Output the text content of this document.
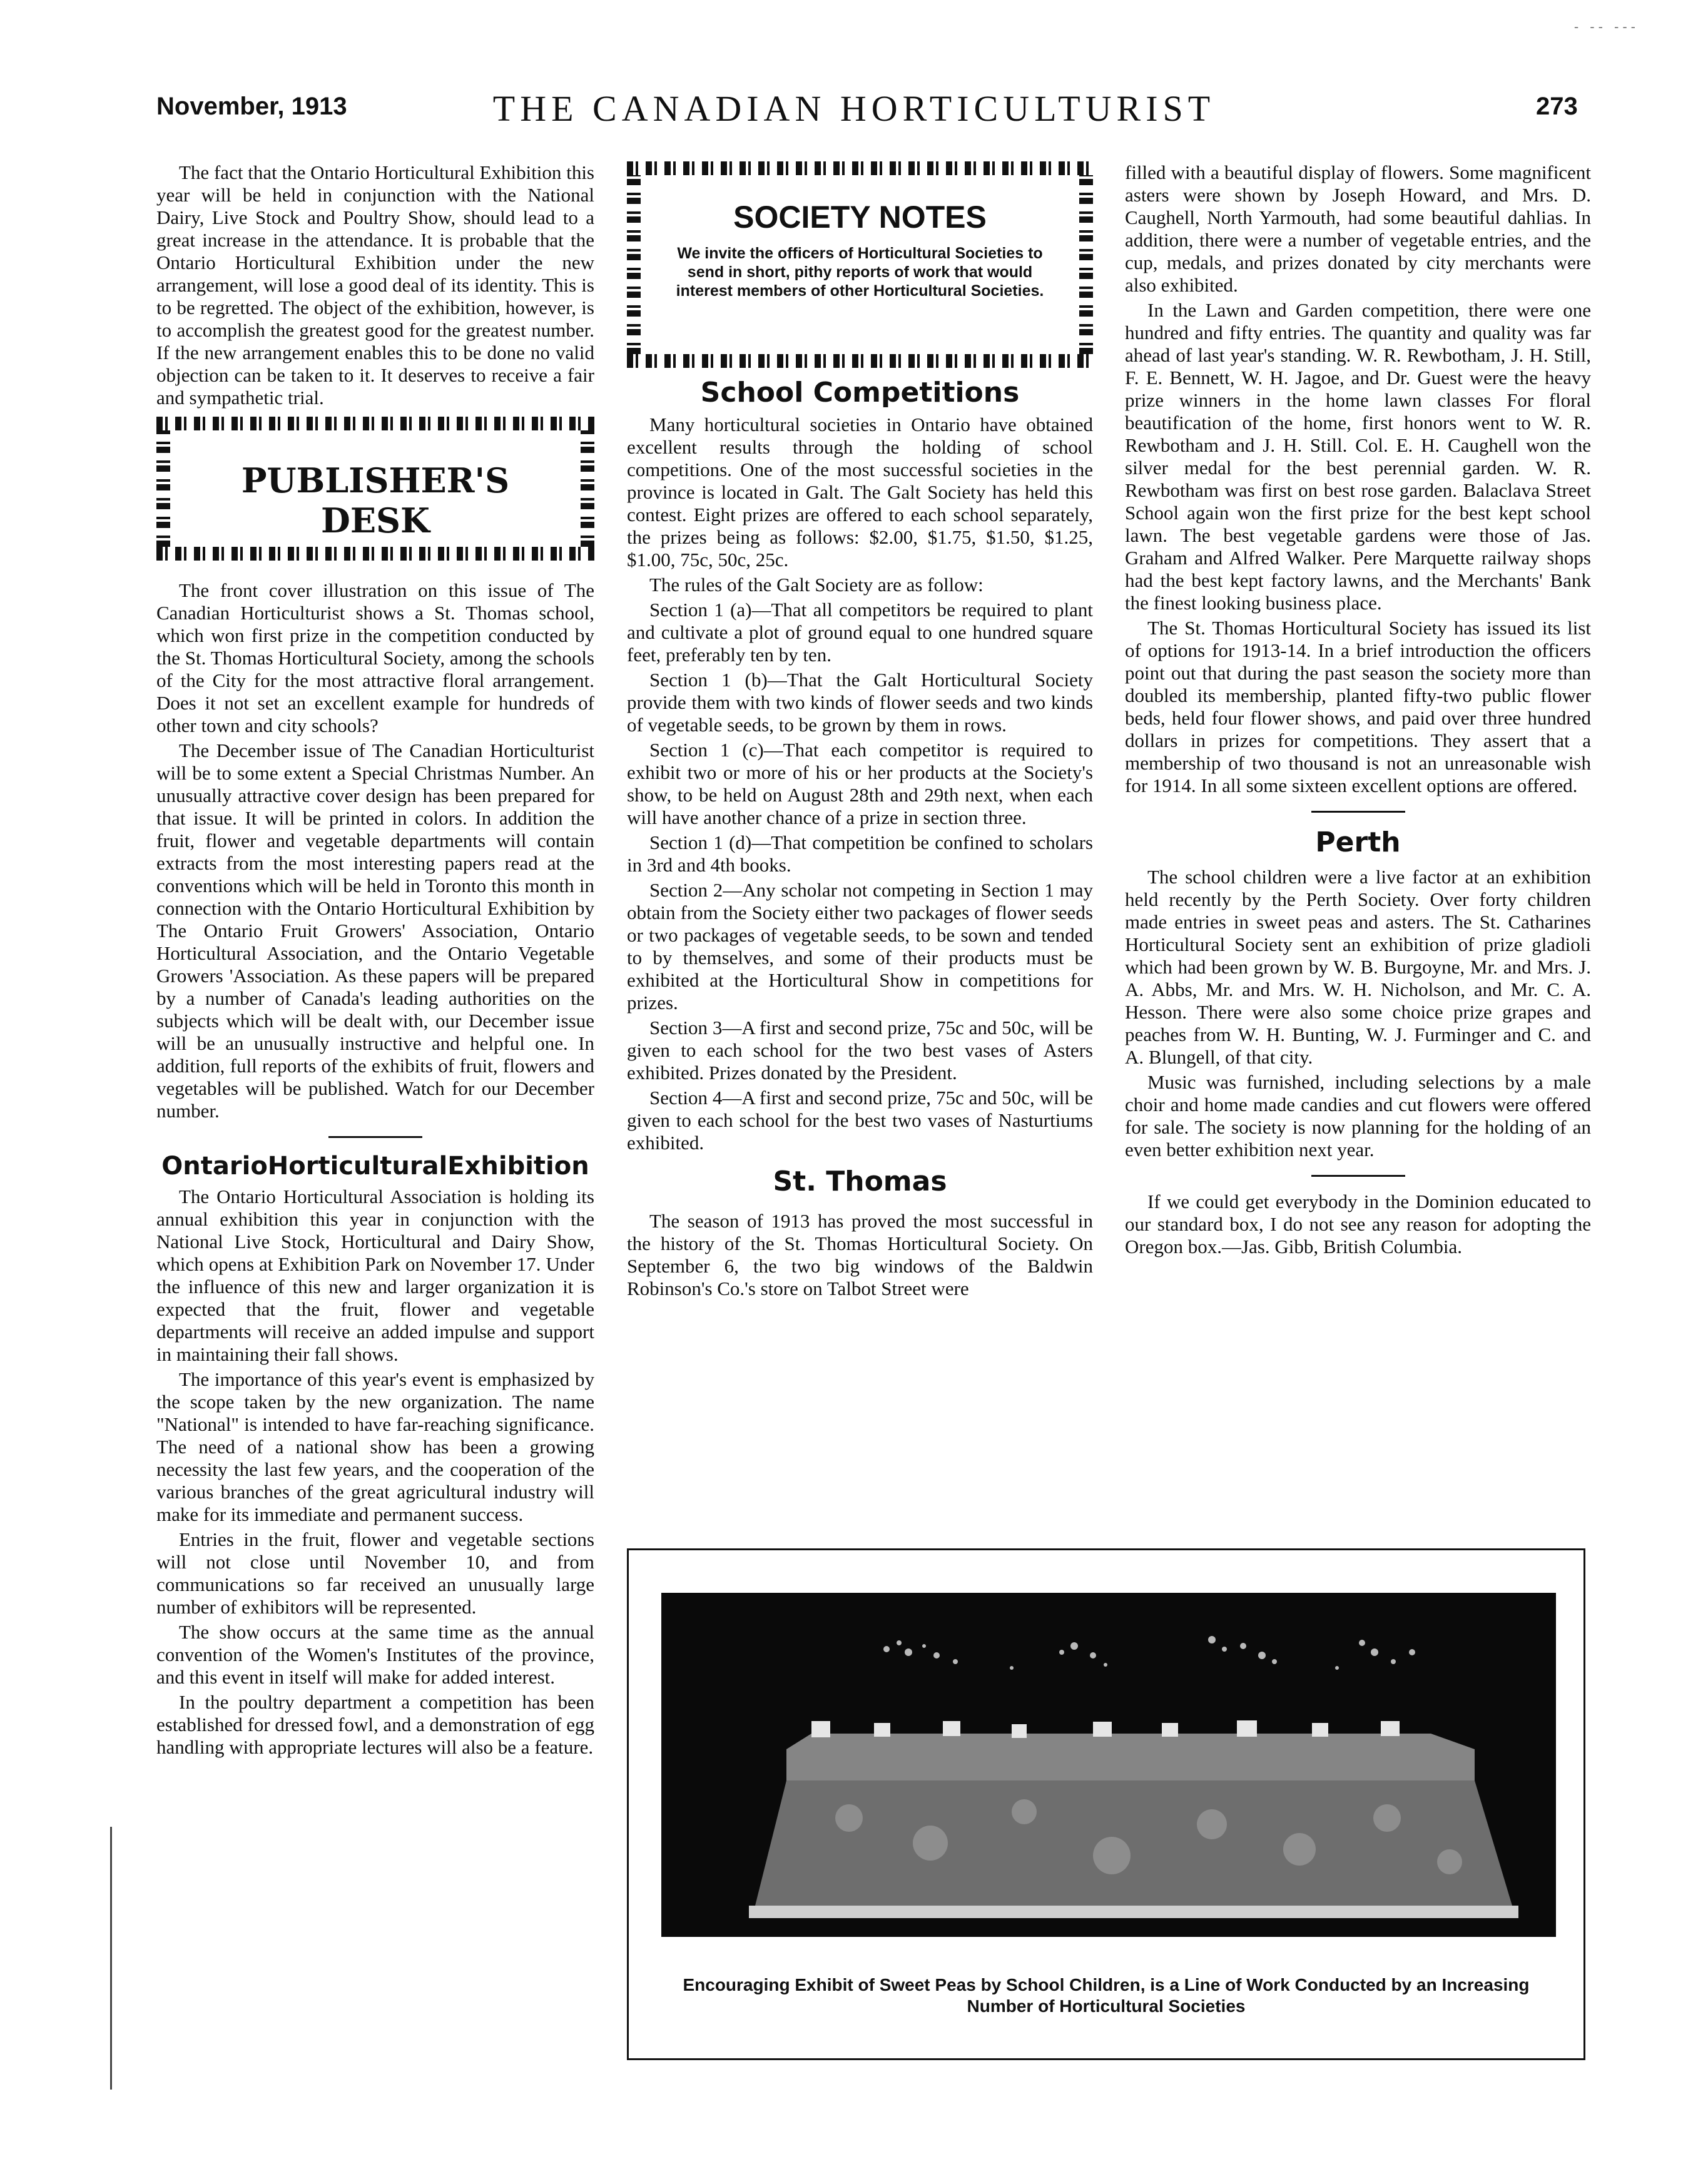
- -- ---
November, 1913	THE CANADIAN HORTICULTURIST	273

The fact that the Ontario Horticultural Exhibition this year will be held in conjunction with the National Dairy, Live Stock and Poultry Show, should lead to a great increase in the attendance. It is probable that the Ontario Horticultural Exhibition under the new arrangement, will lose a good deal of its identity. This is to be regretted. The object of the exhibition, however, is to accomplish the greatest good for the greatest number. If the new arrangement enables this to be done no valid objection can be taken to it. It deserves to receive a fair and sympathetic trial.

PUBLISHER'S DESK

The front cover illustration on this issue of The Canadian Horticulturist shows a St. Thomas school, which won first prize in the competition conducted by the St. Thomas Horticultural Society, among the schools of the City for the most attractive floral arrangement. Does it not set an excellent example for hundreds of other town and city schools?

The December issue of The Canadian Horticulturist will be to some extent a Special Christmas Number. An unusually attractive cover design has been prepared for that issue. It will be printed in colors. In addition the fruit, flower and vegetable departments will contain extracts from the most interesting papers read at the conventions which will be held in Toronto this month in connection with the Ontario Horticultural Exhibition by The Ontario Fruit Growers' Association, Ontario Horticultural Association, and the Ontario Vegetable Growers 'Association. As these papers will be prepared by a number of Canada's leading authorities on the subjects which will be dealt with, our December issue will be an unusually instructive and helpful one. In addition, full reports of the exhibits of fruit, flowers and vegetables will be published. Watch for our December number.

OntarioHorticulturalExhibition

The Ontario Horticultural Association is holding its annual exhibition this year in conjunction with the National Live Stock, Horticultural and Dairy Show, which opens at Exhibition Park on November 17. Under the influence of this new and larger organization it is expected that the fruit, flower and vegetable departments will receive an added impulse and support in maintaining their fall shows.

The importance of this year's event is emphasized by the scope taken by the new organization. The name "National" is intended to have far-reaching significance. The need of a national show has been a growing necessity the last few years, and the cooperation of the various branches of the great agricultural industry will make for its immediate and permanent success.

Entries in the fruit, flower and vegetable sections will not close until November 10, and from communications so far received an unusually large number of exhibitors will be represented.

The show occurs at the same time as the annual convention of the Women's Institutes of the province, and this event in itself will make for added interest.

In the poultry department a competition has been established for dressed fowl, and a demonstration of egg handling with appropriate lectures will also be a feature.

SOCIETY NOTES
We invite the officers of Horticultural Societies to send in short, pithy reports of work that would interest members of other Horticultural Societies.
School Competitions

Many horticultural societies in Ontario have obtained excellent results through the holding of school competitions. One of the most successful societies in the province is located in Galt. The Galt Society has held this contest. Eight prizes are offered to each school separately, the prizes being as follows: $2.00, $1.75, $1.50, $1.25, $1.00, 75c, 50c, 25c.

The rules of the Galt Society are as follow:

Section 1 (a)—That all competitors be required to plant and cultivate a plot of ground equal to one hundred square feet, preferably ten by ten.

Section 1 (b)—That the Galt Horticultural Society provide them with two kinds of flower seeds and two kinds of vegetable seeds, to be grown by them in rows.

Section 1 (c)—That each competitor is required to exhibit two or more of his or her products at the Society's show, to be held on August 28th and 29th next, when each will have another chance of a prize in section three.

Section 1 (d)—That competition be confined to scholars in 3rd and 4th books.

Section 2—Any scholar not competing in Section 1 may obtain from the Society either two packages of flower seeds or two packages of vegetable seeds, to be sown and tended to by themselves, and some of their products must be exhibited at the Horticultural Show in competitions for prizes.

Section 3—A first and second prize, 75c and 50c, will be given to each school for the two best vases of Asters exhibited. Prizes donated by the President.

Section 4—A first and second prize, 75c and 50c, will be given to each school for the best two vases of Nasturtiums exhibited.

St. Thomas

The season of 1913 has proved the most successful in the history of the St. Thomas Horticultural Society. On September 6, the two big windows of the Baldwin Robinson's Co.'s store on Talbot Street were

filled with a beautiful display of flowers. Some magnificent asters were shown by Joseph Howard, and Mrs. D. Caughell, North Yarmouth, had some beautiful dahlias. In addition, there were a number of vegetable entries, and the cup, medals, and prizes donated by city merchants were also exhibited.

In the Lawn and Garden competition, there were one hundred and fifty entries. The quantity and quality was far ahead of last year's standing. W. R. Rewbotham, J. H. Still, F. E. Bennett, W. H. Jagoe, and Dr. Guest were the heavy prize winners in the home lawn classes For floral beautification of the home, first honors went to W. R. Rewbotham and J. H. Still. Col. E. H. Caughell won the silver medal for the best perennial garden. W. R. Rewbotham was first on best rose garden. Balaclava Street School again won the first prize for the best kept school lawn. The best vegetable gardens were those of Jas. Graham and Alfred Walker. Pere Marquette railway shops had the best kept factory lawns, and the Merchants' Bank the finest looking business place.

The St. Thomas Horticultural Society has issued its list of options for 1913-14. In a brief introduction the officers point out that during the past season the society more than doubled its membership, planted fifty-two public flower beds, held four flower shows, and paid over three hundred dollars in prizes for competitions. They assert that a membership of two thousand is not an unreasonable wish for 1914. In all some sixteen excellent options are offered.

Perth

The school children were a live factor at an exhibition held recently by the Perth Society. Over forty children made entries in sweet peas and asters. The St. Catharines Horticultural Society sent an exhibition of prize gladioli which had been grown by W. B. Burgoyne, Mr. and Mrs. J. A. Abbs, Mr. and Mrs. W. H. Nicholson, and Mr. C. A. Hesson. There were also some choice prize grapes and peaches from W. H. Bunting, W. J. Furminger and C. and A. Blungell, of that city.

Music was furnished, including selections by a male choir and home made candies and cut flowers were offered for sale. The society is now planning for the holding of an even better exhibition next year.

If we could get everybody in the Dominion educated to our standard box, I do not see any reason for adopting the Oregon box.—Jas. Gibb, British Columbia.

Encouraging Exhibit of Sweet Peas by School Children, is a Line of Work Conducted by an Increasing Number of Horticultural Societies
